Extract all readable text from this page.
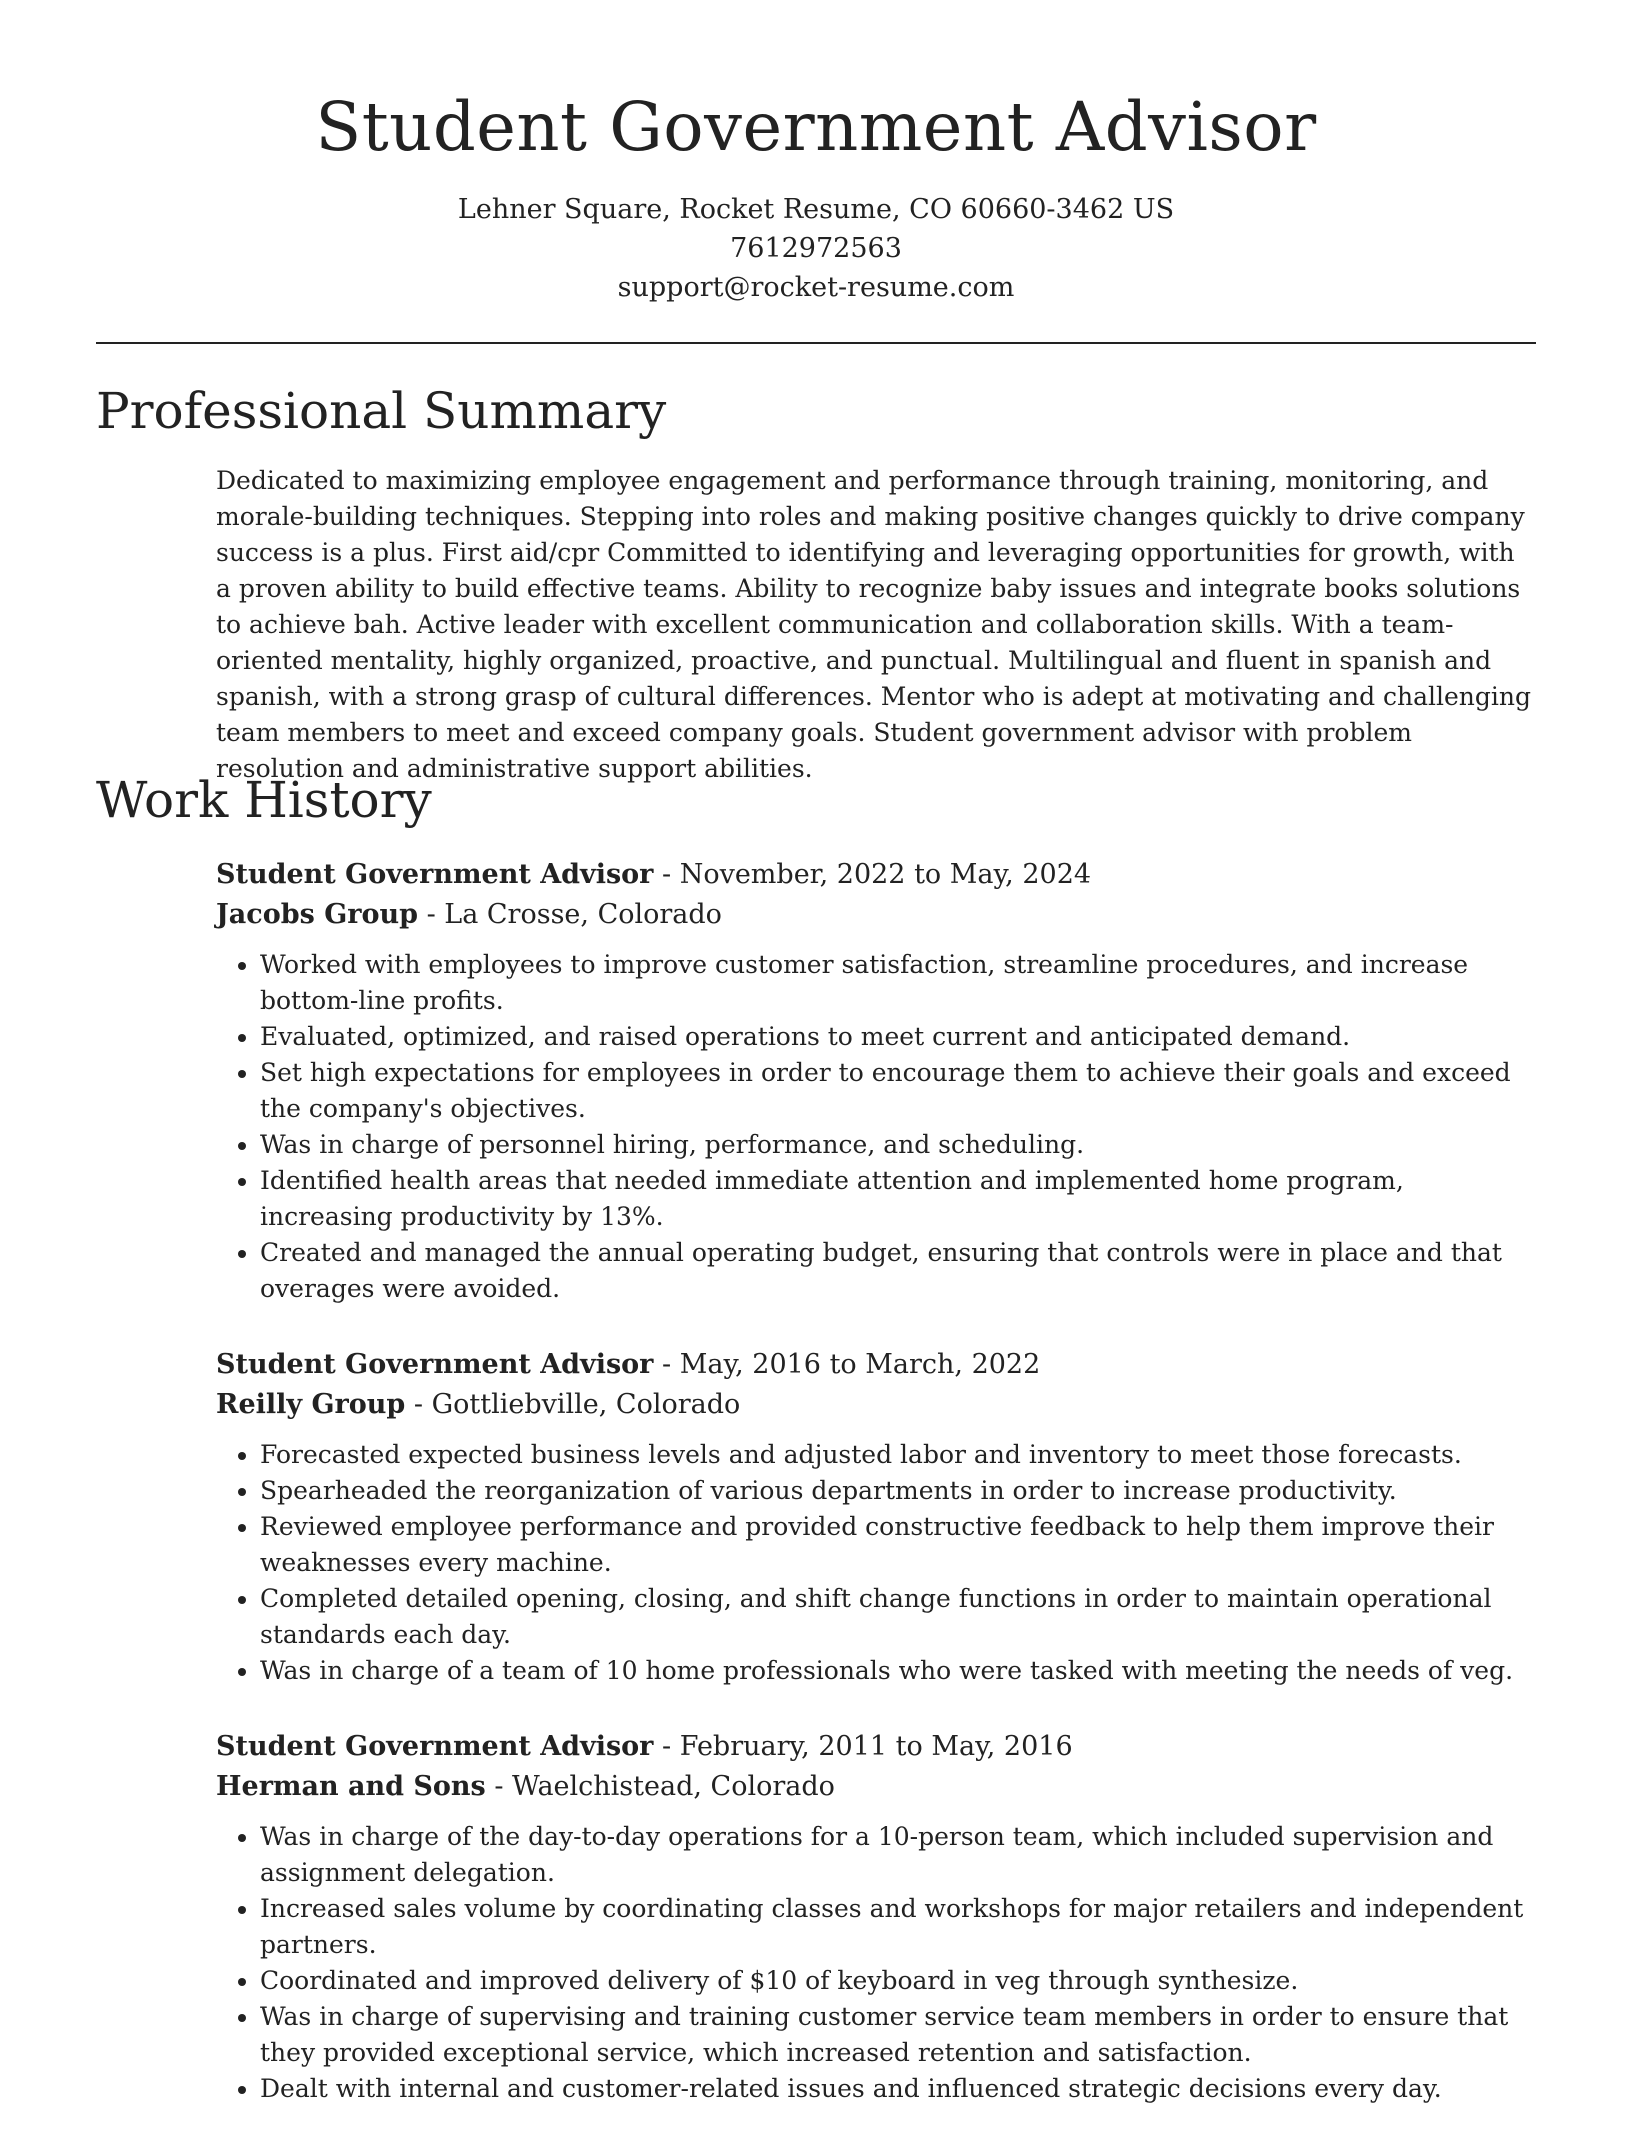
Student Government Advisor
Lehner Square, Rocket Resume, CO 60660-3462 US
7612972563
support@rocket-resume.com
Professional Summary

Dedicated to maximizing employee engagement and performance through training, monitoring, and morale-building techniques. Stepping into roles and making positive changes quickly to drive company success is a plus. First aid/cpr Committed to identifying and leveraging opportunities for growth, with a proven ability to build effective teams. Ability to recognize baby issues and integrate books solutions to achieve bah. Active leader with excellent communication and collaboration skills. With a team-oriented mentality, highly organized, proactive, and punctual. Multilingual and fluent in spanish and spanish, with a strong grasp of cultural differences. Mentor who is adept at motivating and challenging team members to meet and exceed company goals. Student government advisor with problem resolution and administrative support abilities.

Work History

Student Government Advisor - November, 2022 to May, 2024

Jacobs Group - La Crosse, Colorado

• Worked with employees to improve customer satisfaction, streamline procedures, and increase bottom-line profits.
• Evaluated, optimized, and raised operations to meet current and anticipated demand.
• Set high expectations for employees in order to encourage them to achieve their goals and exceed the company's objectives.
• Was in charge of personnel hiring, performance, and scheduling.
• Identified health areas that needed immediate attention and implemented home program, increasing productivity by 13%.
• Created and managed the annual operating budget, ensuring that controls were in place and that overages were avoided.

Student Government Advisor - May, 2016 to March, 2022

Reilly Group - Gottliebville, Colorado

• Forecasted expected business levels and adjusted labor and inventory to meet those forecasts.
• Spearheaded the reorganization of various departments in order to increase productivity.
• Reviewed employee performance and provided constructive feedback to help them improve their weaknesses every machine.
• Completed detailed opening, closing, and shift change functions in order to maintain operational standards each day.
• Was in charge of a team of 10 home professionals who were tasked with meeting the needs of veg.

Student Government Advisor - February, 2011 to May, 2016

Herman and Sons - Waelchistead, Colorado

• Was in charge of the day-to-day operations for a 10-person team, which included supervision and assignment delegation.
• Increased sales volume by coordinating classes and workshops for major retailers and independent partners.
• Coordinated and improved delivery of $10 of keyboard in veg through synthesize.
• Was in charge of supervising and training customer service team members in order to ensure that they provided exceptional service, which increased retention and satisfaction.
• Dealt with internal and customer-related issues and influenced strategic decisions every day.
